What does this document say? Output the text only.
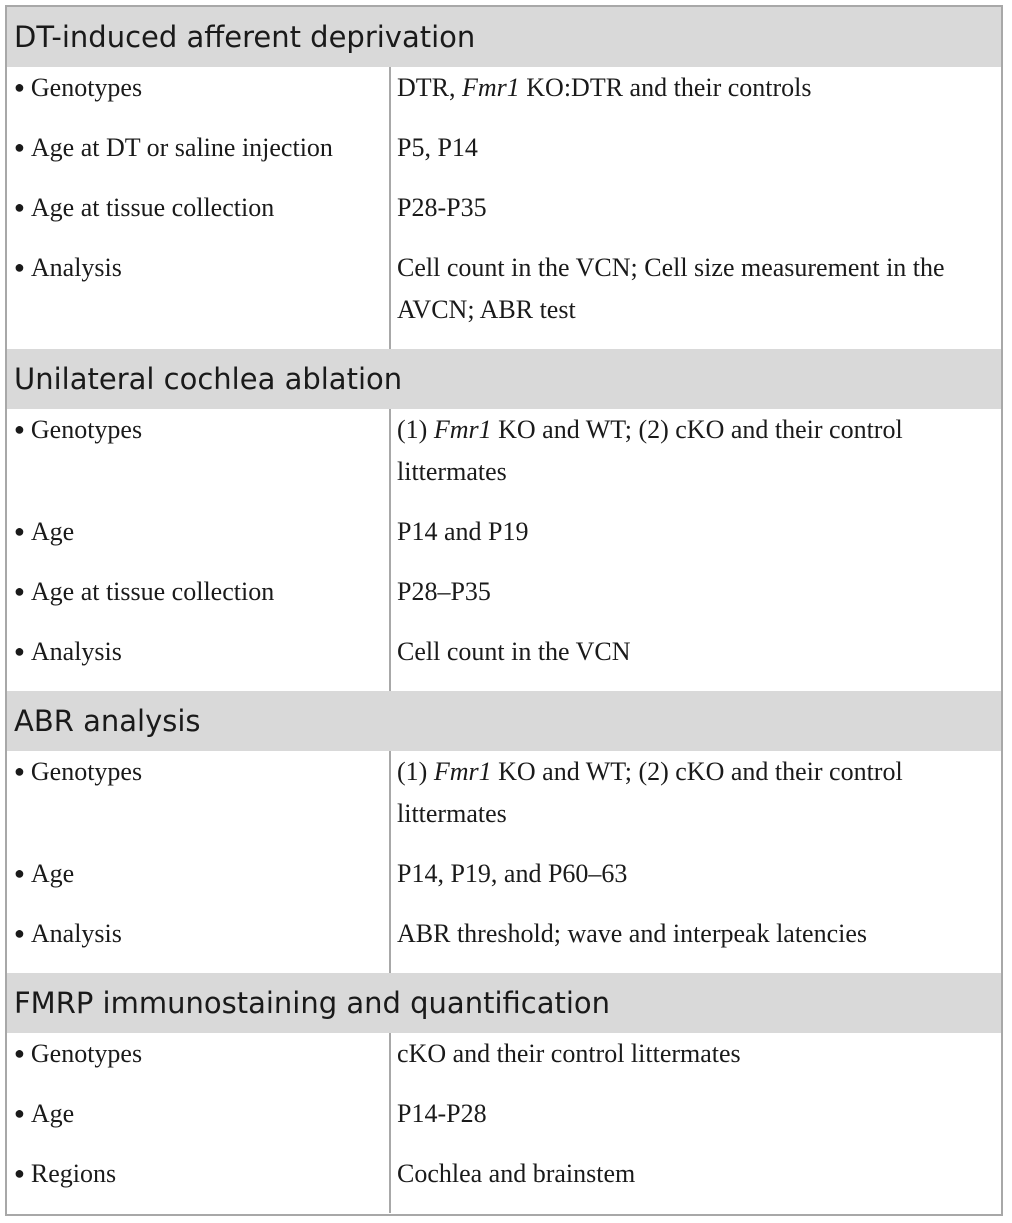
DT-induced afferent deprivation
● Genotypes	DTR, Fmr1 KO:DTR and their controls
● Age at DT or saline injection	P5, P14
● Age at tissue collection	P28-P35
● Analysis	Cell count in the VCN; Cell size measurement in the AVCN; ABR test
Unilateral cochlea ablation
● Genotypes	(1) Fmr1 KO and WT; (2) cKO and their control littermates
● Age	P14 and P19
● Age at tissue collection	P28–P35
● Analysis	Cell count in the VCN
ABR analysis
● Genotypes	(1) Fmr1 KO and WT; (2) cKO and their control littermates
● Age	P14, P19, and P60–63
● Analysis	ABR threshold; wave and interpeak latencies
FMRP immunostaining and quantification
● Genotypes	cKO and their control littermates
● Age	P14-P28
● Regions	Cochlea and brainstem
